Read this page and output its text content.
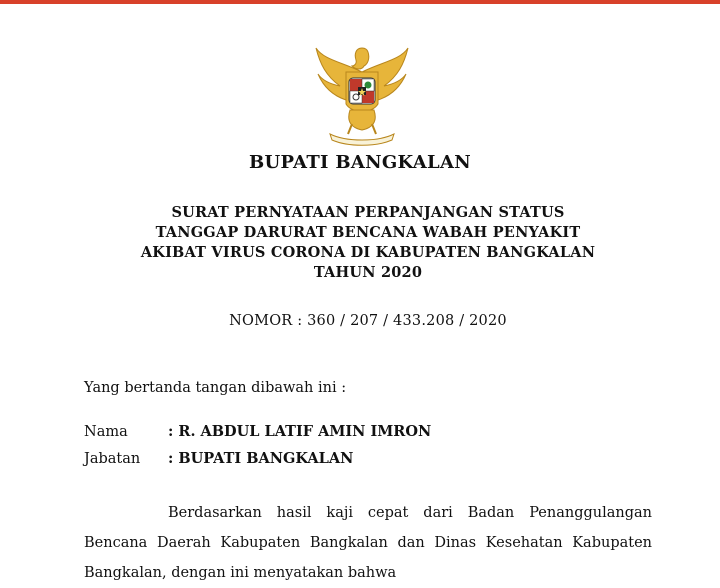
BUPATI BANGKALAN
SURAT PERNYATAAN PERPANJANGAN STATUS
TANGGAP DARURAT BENCANA WABAH PENYAKIT
AKIBAT VIRUS CORONA DI KABUPATEN BANGKALAN
TAHUN 2020
NOMOR : 360 / 207 / 433.208 / 2020
Yang bertanda tangan dibawah ini :
Nama	: R. ABDUL LATIF AMIN IMRON
Jabatan : BUPATI BANGKALAN
Berdasarkan hasil kaji cepat dari Badan Penanggulangan Bencana Daerah Kabupaten Bangkalan dan Dinas Kesehatan Kabupaten Bangkalan, dengan ini menyatakan bahwa
